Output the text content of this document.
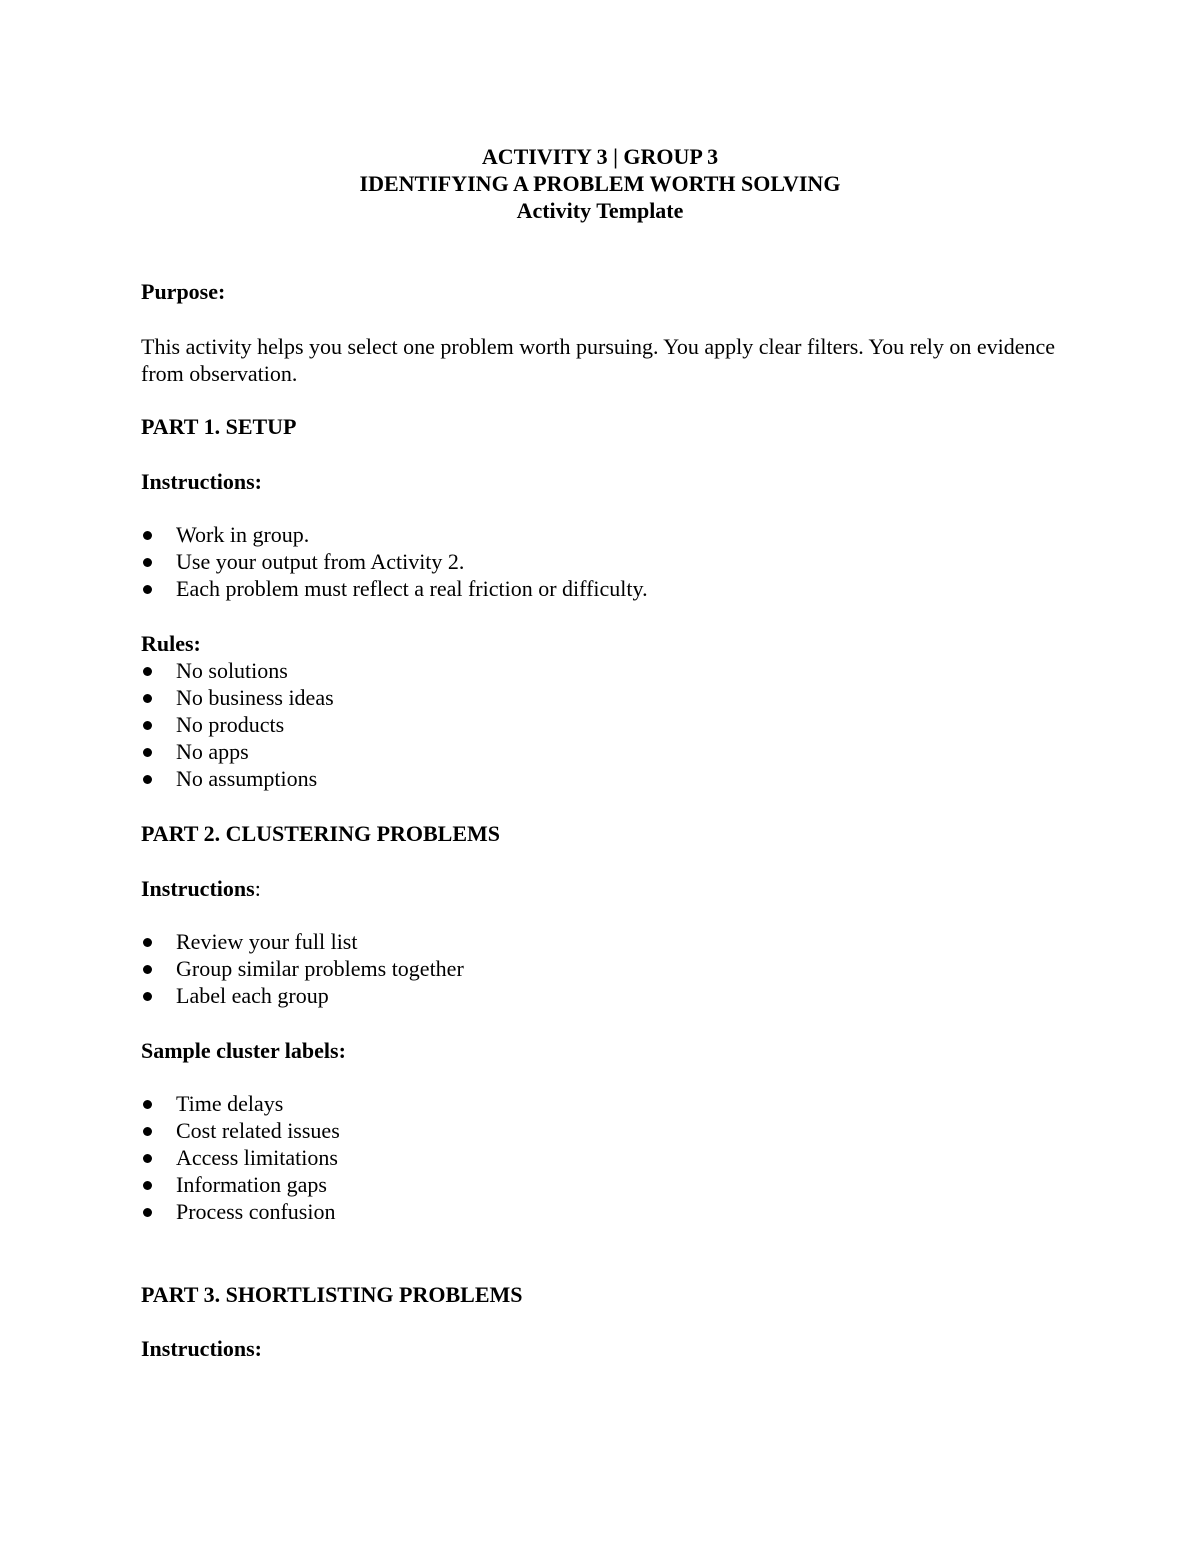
ACTIVITY 3 | GROUP 3
IDENTIFYING A PROBLEM WORTH SOLVING
Activity Template
Purpose:
This activity helps you select one problem worth pursuing. You apply clear filters. You rely on evidence from observation.
PART 1. SETUP
Instructions:
Work in group.
Use your output from Activity 2.
Each problem must reflect a real friction or difficulty.
Rules:
No solutions
No business ideas
No products
No apps
No assumptions
PART 2. CLUSTERING PROBLEMS
Instructions:
Review your full list
Group similar problems together
Label each group
Sample cluster labels:
Time delays
Cost related issues
Access limitations
Information gaps
Process confusion
PART 3. SHORTLISTING PROBLEMS
Instructions:
